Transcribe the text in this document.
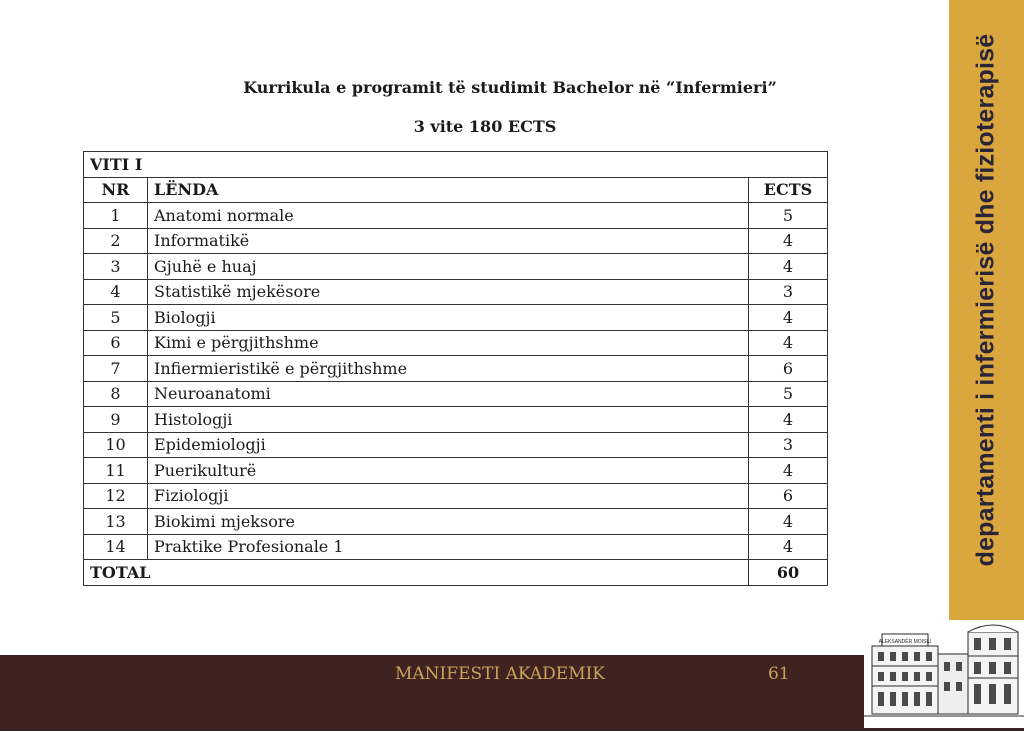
Kurrikula e programit të studimit Bachelor në “Infermieri”
3 vite 180 ECTS
VITI I		
NR	LËNDA	ECTS
1	Anatomi normale	5
2	Informatikë	4
3	Gjuhë e huaj	4
4	Statistikë mjekësore	3
5	Biologji	4
6	Kimi e përgjithshme	4
7	Infiermieristikë e përgjithshme	6
8	Neuroanatomi	5
9	Histologji	4
10	Epidemiologji	3
11	Puerikulturë	4
12	Fiziologji	6
13	Biokimi mjeksore	4
14	Praktike Profesionale 1	4
TOTAL		60
departamenti i infermierisë dhe fizioterapisë
MANIFESTI AKADEMIK	61
ALEKSANDËR MOISIU
